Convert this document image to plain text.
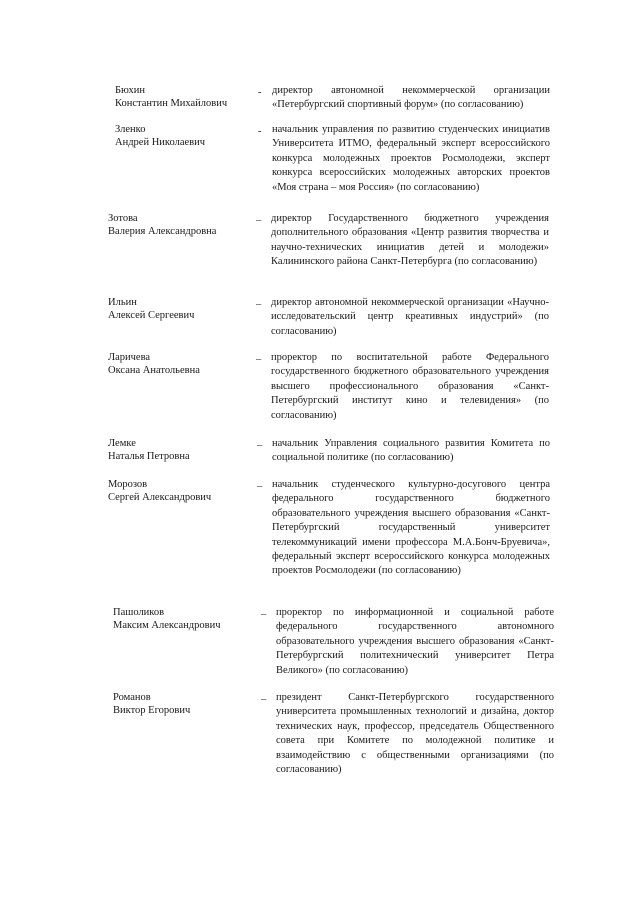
Бюхин
Константин Михайлович
-	директор автономной некоммерческой организации «Петербургский спортивный форум» (по согласованию)
Зленко
Андрей Николаевич
-	начальник управления по развитию студенческих инициатив Университета ИТМО, федеральный эксперт всероссийского конкурса молодежных проектов Росмолодежи, эксперт конкурса всероссийских молодежных авторских проектов «Моя страна – моя Россия» (по согласованию)
Зотова
Валерия Александровна
– директор Государственного бюджетного учреждения дополнительного образования «Центр развития творчества и научно-технических инициатив детей и молодежи» Калининского района Санкт-Петербурга (по согласованию)
Ильин
Алексей Сергеевич
– директор автономной некоммерческой организации «Научно-исследовательский центр креативных индустрий» (по согласованию)
Ларичева
Оксана Анатольевна
– проректор по воспитательной работе Федерального государственного бюджетного образовательного учреждения высшего профессионального образования «Санкт-Петербургский институт кино и телевидения» (по согласованию)
Лемке
Наталья Петровна
– начальник Управления социального развития Комитета по социальной политике (по согласованию)
Морозов
Сергей Александрович
– начальник студенческого культурно-досугового центра федерального государственного бюджетного образовательного учреждения высшего образования «Санкт-Петербургский государственный университет телекоммуникаций имени профессора М.А.Бонч-Бруевича», федеральный эксперт всероссийского конкурса молодежных проектов Росмолодежи (по согласованию)
Пашоликов
Максим Александрович
– проректор по информационной и социальной работе федерального государственного автономного образовательного учреждения высшего образования «Санкт-Петербургский политехнический университет Петра Великого» (по согласованию)
Романов
Виктор Егорович
– президент Санкт-Петербургского государственного университета промышленных технологий и дизайна, доктор технических наук, профессор, председатель Общественного совета при Комитете по молодежной политике и взаимодействию с общественными организациями (по согласованию)
